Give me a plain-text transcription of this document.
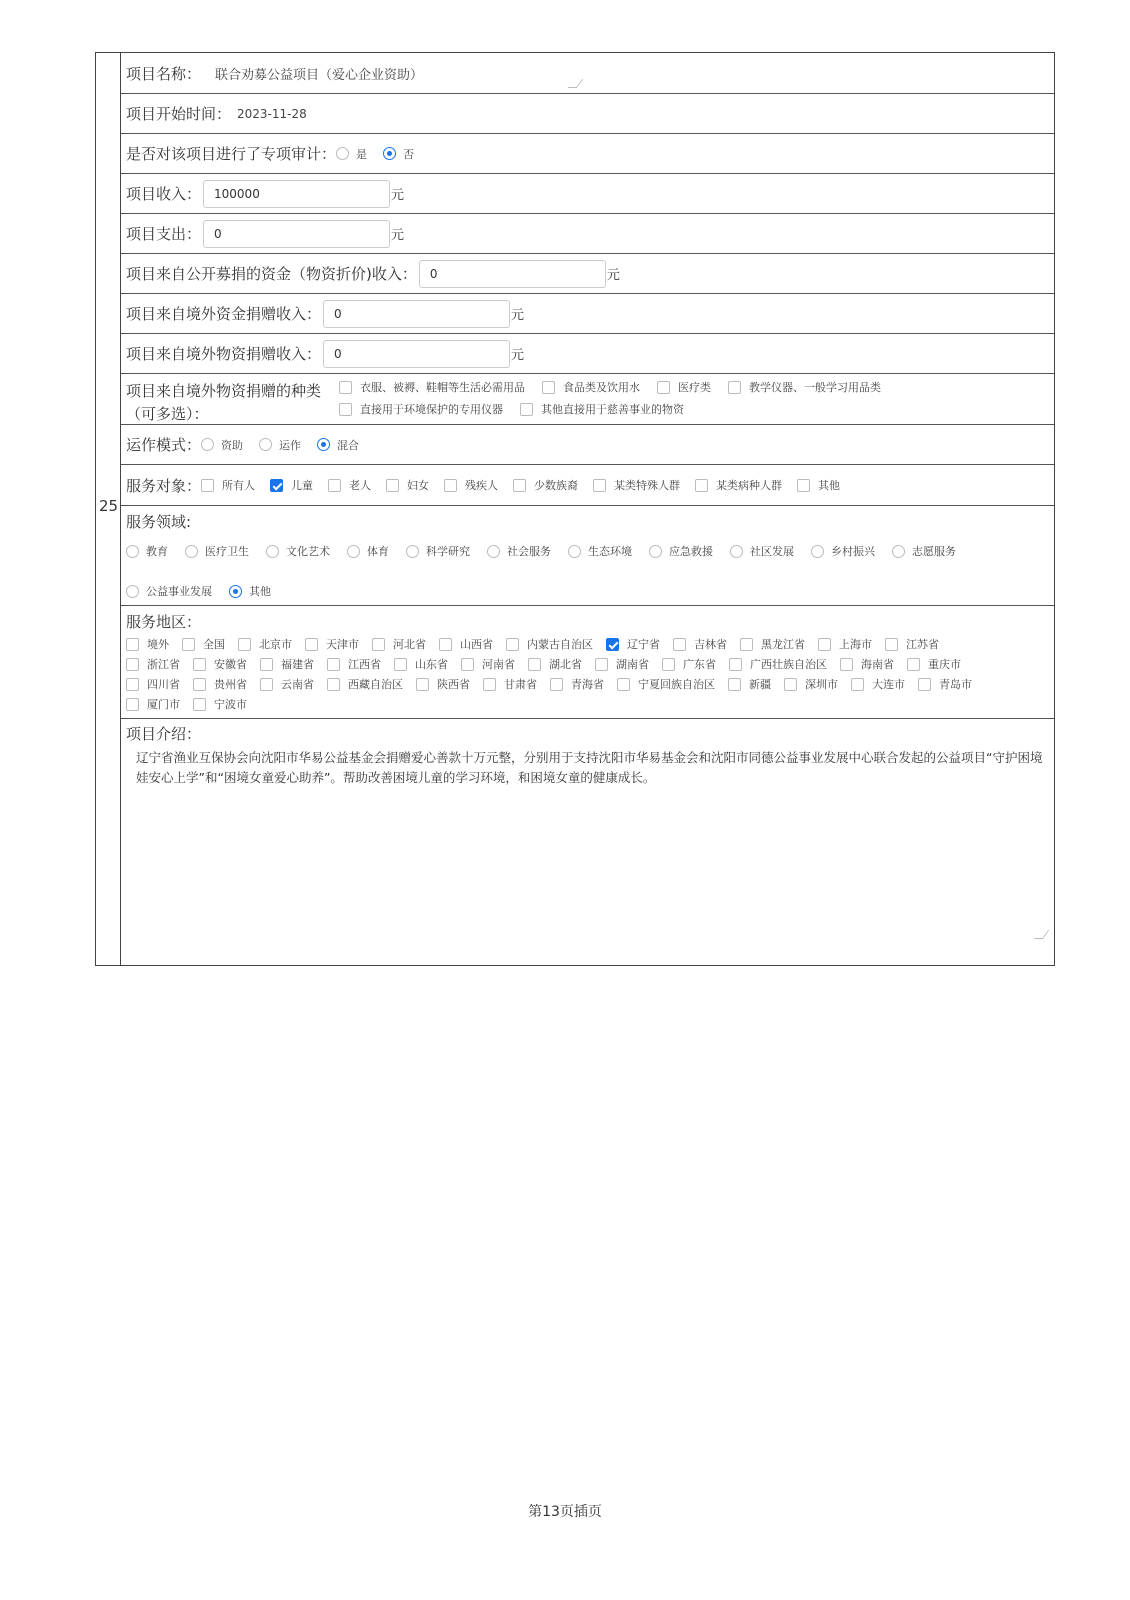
25
项目名称： 联合劝募公益项目（爱心企业资助）
项目开始时间： 2023-11-28
是否对该项目进行了专项审计： 是	否
项目收入：	100000	元
项目支出：	0	元
项目来自公开募捐的资金（物资折价)收入：	0	元
项目来自境外资金捐赠收入：	0	元
项目来自境外物资捐赠收入：	0	元
项目来自境外物资捐赠的种类
（可多选）：
衣服、被褥、鞋帽等生活必需用品	食品类及饮用水	医疗类	教学仪器、一般学习用品类
直接用于环境保护的专用仪器	其他直接用于慈善事业的物资
运作模式： 资助	运作	混合
服务对象： 所有人	儿童	老人	妇女	残疾人	少数族裔	某类特殊人群	某类病种人群	其他
服务领域:
教育	医疗卫生	文化艺术	体育	科学研究	社会服务	生态环境	应急救援	社区发展	乡村振兴	志愿服务
公益事业发展	其他
服务地区：
境外	全国	北京市	天津市	河北省	山西省	内蒙古自治区	辽宁省	吉林省	黑龙江省	上海市	江苏省
浙江省	安徽省	福建省	江西省	山东省	河南省	湖北省	湖南省	广东省	广西壮族自治区	海南省	重庆市
四川省	贵州省	云南省	西藏自治区	陕西省	甘肃省	青海省	宁夏回族自治区	新疆	深圳市	大连市	青岛市
厦门市	宁波市
项目介绍：
辽宁省渔业互保协会向沈阳市华易公益基金会捐赠爱心善款十万元整，分别用于支持沈阳市华易基金会和沈阳市同德公益事业发展中心联合发起的公益项目“守护困境娃安心上学”和“困境女童爱心助养”。帮助改善困境儿童的学习环境，和困境女童的健康成长。
第13页插页
